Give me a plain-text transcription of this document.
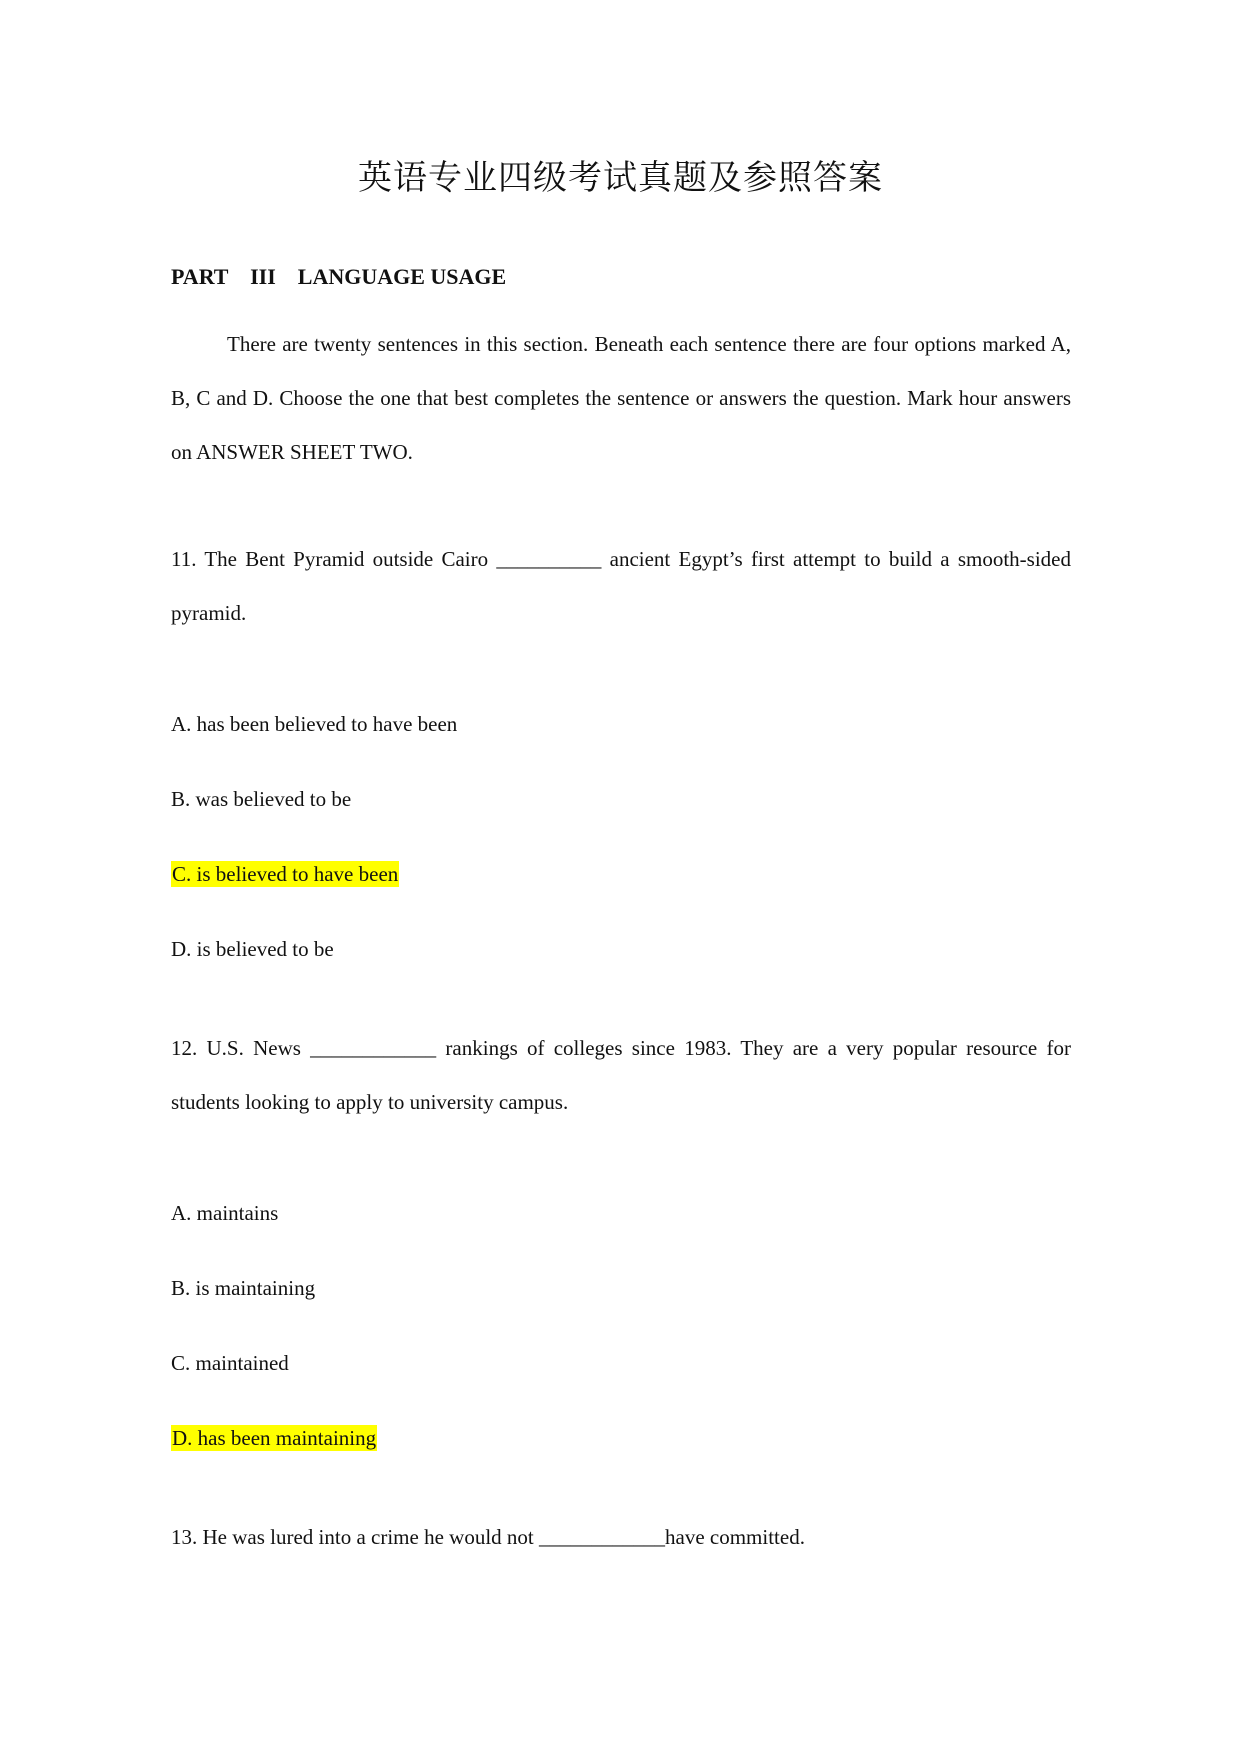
英语专业四级考试真题及参照答案
PART    III    LANGUAGE USAGE
There are twenty sentences in this section. Beneath each sentence there are four options marked A, B, C and D. Choose the one that best completes the sentence or answers the question. Mark hour answers on ANSWER SHEET TWO.
11. The Bent Pyramid outside Cairo __________ ancient Egypt’s first attempt to build a smooth-sided pyramid.
A. has been believed to have been
B. was believed to be
C. is believed to have been
D. is believed to be
12. U.S. News ____________ rankings of colleges since 1983. They are a very popular resource for students looking to apply to university campus.
A. maintains
B. is maintaining
C. maintained
D. has been maintaining
13. He was lured into a crime he would not ____________have committed.
